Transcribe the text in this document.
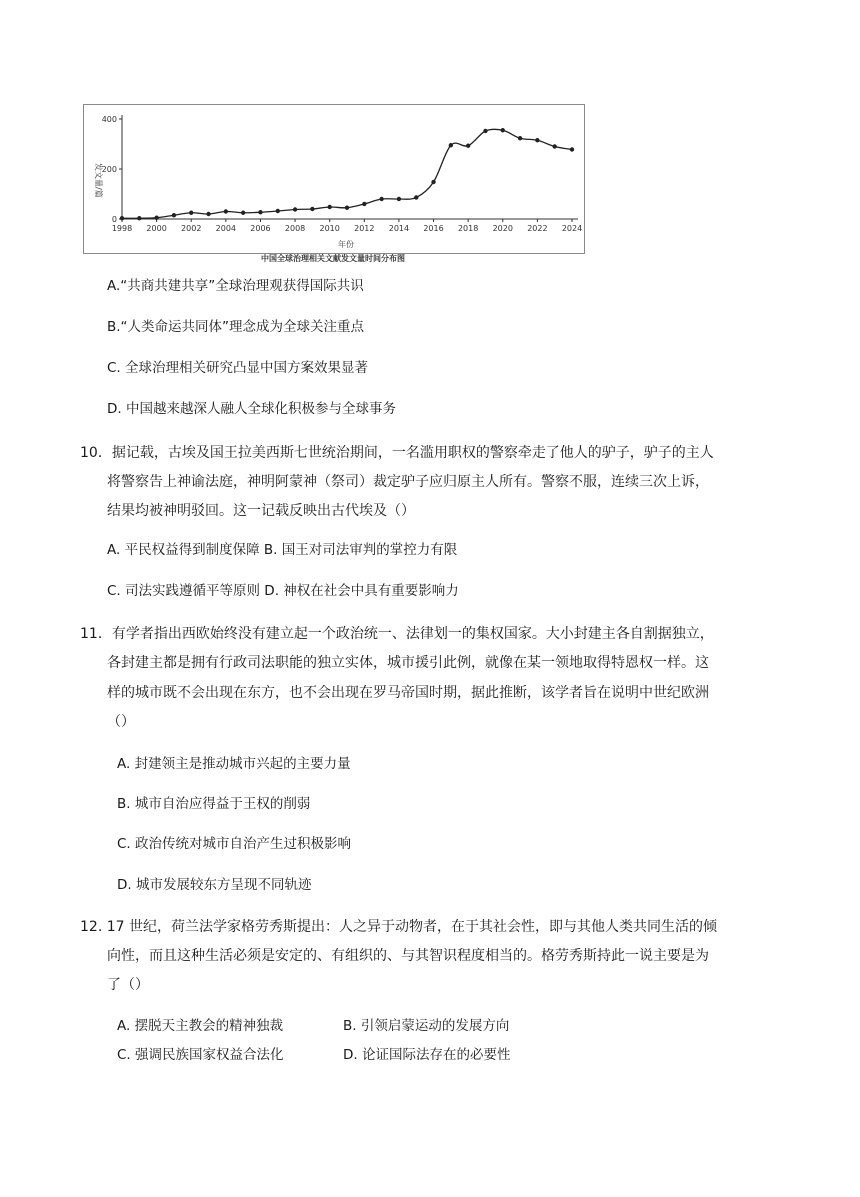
发文量/篇
年份
0
200
400
1998 2000 2002 2004 2006 2008 2010 2012 2014 2016 2018 2020 2022 2024
中国全球治理相关文献发文量时间分布图
A.“共商共建共享”全球治理观获得国际共识
B.“人类命运共同体”理念成为全球关注重点
C. 全球治理相关研究凸显中国方案效果显著
D. 中国越来越深人融人全球化积极参与全球事务
10．据记载，古埃及国王拉美西斯七世统治期间，一名滥用职权的警察牵走了他人的驴子，驴子的主人
将警察告上神谕法庭，神明阿蒙神（祭司）裁定驴子应归原主人所有。警察不服，连续三次上诉，
结果均被神明驳回。这一记载反映出古代埃及（）
A. 平民权益得到制度保障 B. 国王对司法审判的掌控力有限
C. 司法实践遵循平等原则 D. 神权在社会中具有重要影响力
11．有学者指出西欧始终没有建立起一个政治统一、法律划一的集权国家。大小封建主各自割据独立，
各封建主都是拥有行政司法职能的独立实体，城市援引此例，就像在某一领地取得特恩权一样。这
样的城市既不会出现在东方，也不会出现在罗马帝国时期，据此推断，该学者旨在说明中世纪欧洲
（）
A. 封建领主是推动城市兴起的主要力量
B. 城市自治应得益于王权的削弱
C. 政治传统对城市自治产生过积极影响
D. 城市发展较东方呈现不同轨迹
12. 17 世纪，荷兰法学家格劳秀斯提出：人之异于动物者，在于其社会性，即与其他人类共同生活的倾
向性，而且这种生活必须是安定的、有组织的、与其智识程度相当的。格劳秀斯持此一说主要是为
了（）
A. 摆脱天主教会的精神独裁	B. 引领启蒙运动的发展方向
C. 强调民族国家权益合法化	D. 论证国际法存在的必要性
